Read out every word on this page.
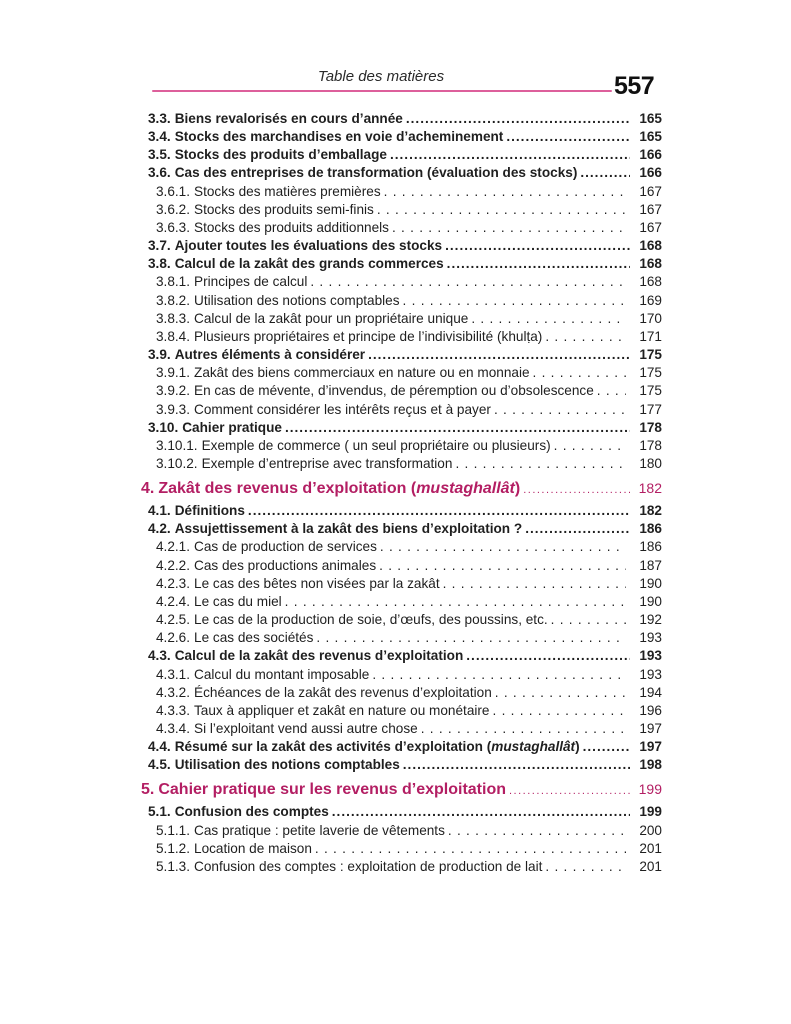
Table des matières	557
3.3. Biens revalorisés en cours d’année .....	165
3.4. Stocks des marchandises en voie d’acheminement .....	165
3.5. Stocks des produits d’emballage .....	166
3.6. Cas des entreprises de transformation (évaluation des stocks) .....	166
3.6.1. Stocks des matières premières .....	167
3.6.2. Stocks des produits semi-finis .....	167
3.6.3. Stocks des produits additionnels .....	167
3.7. Ajouter toutes les évaluations des stocks .....	168
3.8. Calcul de la zakât des grands commerces .....	168
3.8.1. Principes de calcul .....	168
3.8.2. Utilisation des notions comptables .....	169
3.8.3. Calcul de la zakât pour un propriétaire unique .....	170
3.8.4. Plusieurs propriétaires et principe de l’indivisibilité (khulṭa) .....	171
3.9. Autres éléments à considérer .....	175
3.9.1. Zakât des biens commerciaux en nature ou en monnaie .....	175
3.9.2. En cas de mévente, d’invendus, de péremption ou d’obsolescence .....	175
3.9.3. Comment considérer les intérêts reçus et à payer .....	177
3.10. Cahier pratique .....	178
3.10.1. Exemple de commerce ( un seul propriétaire ou plusieurs) .....	178
3.10.2. Exemple d’entreprise avec transformation .....	180
4. Zakât des revenus d’exploitation (mustaghallât) .....	182
4.1. Définitions .....	182
4.2. Assujettissement à la zakât des biens d’exploitation ? .....	186
4.2.1. Cas de production de services .....	186
4.2.2. Cas des productions animales .....	187
4.2.3. Le cas des bêtes non visées par la zakât .....	190
4.2.4. Le cas du miel .....	190
4.2.5. Le cas de la production de soie, d’œufs, des poussins, etc. .....	192
4.2.6. Le cas des sociétés .....	193
4.3. Calcul de la zakât des revenus d’exploitation .....	193
4.3.1. Calcul du montant imposable .....	193
4.3.2. Échéances de la zakât des revenus d’exploitation .....	194
4.3.3. Taux à appliquer et zakât en nature ou monétaire .....	196
4.3.4. Si l’exploitant vend aussi autre chose .....	197
4.4. Résumé sur la zakât des activités d’exploitation (mustaghallât) .....	197
4.5. Utilisation des notions comptables .....	198
5. Cahier pratique sur les revenus d’exploitation .....	199
5.1. Confusion des comptes .....	199
5.1.1. Cas pratique : petite laverie de vêtements .....	200
5.1.2. Location de maison .....	201
5.1.3. Confusion des comptes : exploitation de production de lait .....	201
